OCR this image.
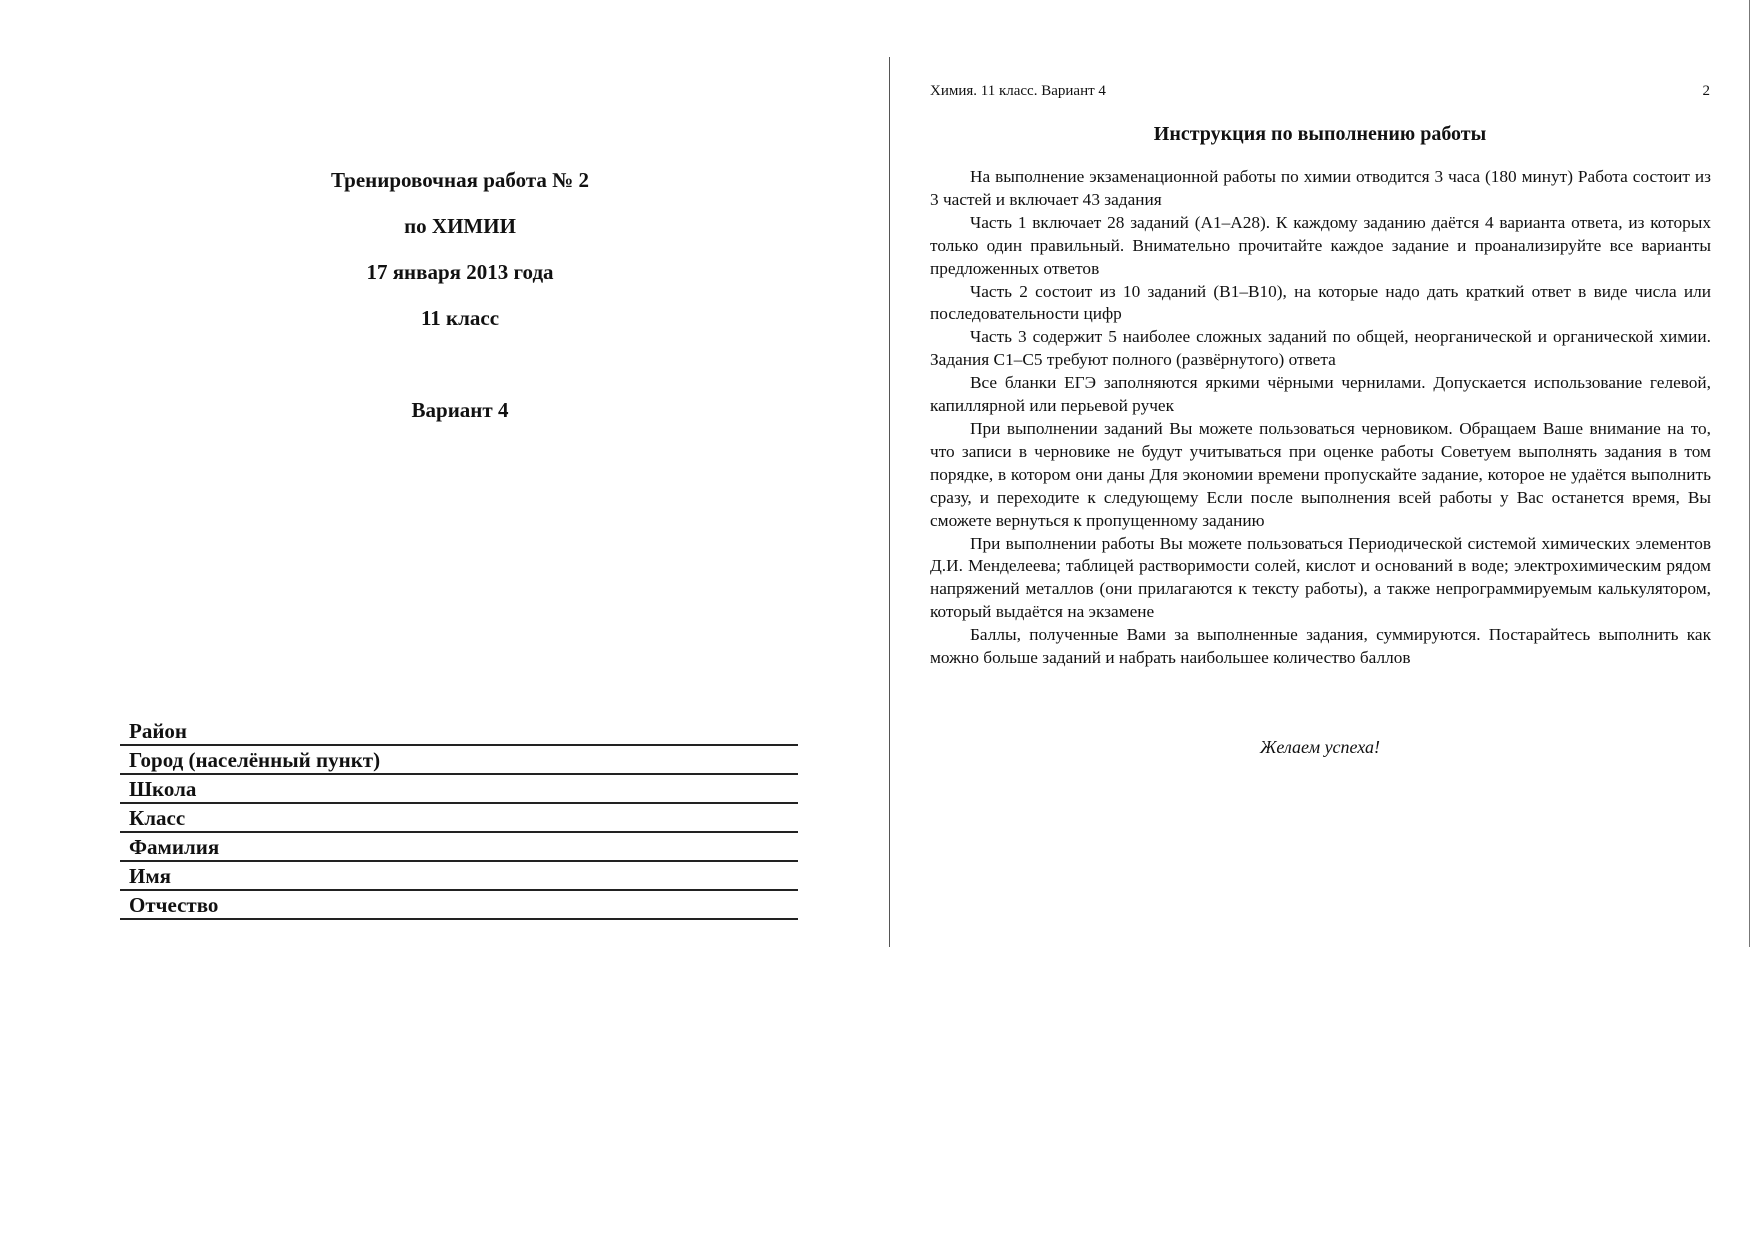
Тренировочная работа № 2
по ХИМИИ
17 января 2013 года
11 класс
Вариант 4
Район
Город (населённый пункт)
Школа
Класс
Фамилия
Имя
Отчество
Химия. 11 класс. Вариант 4	2
Инструкция по выполнению работы

На выполнение экзаменационной работы по химии отводится 3 часа (180 минут) Работа состоит из 3 частей и включает 43 задания

Часть 1 включает 28 заданий (А1–А28). К каждому заданию даётся 4 варианта ответа, из которых только один правильный. Внимательно прочитайте каждое задание и проанализируйте все варианты предложенных ответов

Часть 2 состоит из 10 заданий (В1–В10), на которые надо дать краткий ответ в виде числа или последовательности цифр

Часть 3 содержит 5 наиболее сложных заданий по общей, неорганической и органической химии. Задания С1–С5 требуют полного (развёрнутого) ответа

Все бланки ЕГЭ заполняются яркими чёрными чернилами. Допускается использование гелевой, капиллярной или перьевой ручек

При выполнении заданий Вы можете пользоваться черновиком. Обращаем Ваше внимание на то, что записи в черновике не будут учитываться при оценке работы Советуем выполнять задания в том порядке, в котором они даны Для экономии времени пропускайте задание, которое не удаётся выполнить сразу, и переходите к следующему Если после выполнения всей работы у Вас останется время, Вы сможете вернуться к пропущенному заданию

При выполнении работы Вы можете пользоваться Периодической системой химических элементов Д.И. Менделеева; таблицей растворимости солей, кислот и оснований в воде; электрохимическим рядом напряжений металлов (они прилагаются к тексту работы), а также непрограммируемым калькулятором, который выдаётся на экзамене

Баллы, полученные Вами за выполненные задания, суммируются. Постарайтесь выполнить как можно больше заданий и набрать наибольшее количество баллов

Желаем успеха!
